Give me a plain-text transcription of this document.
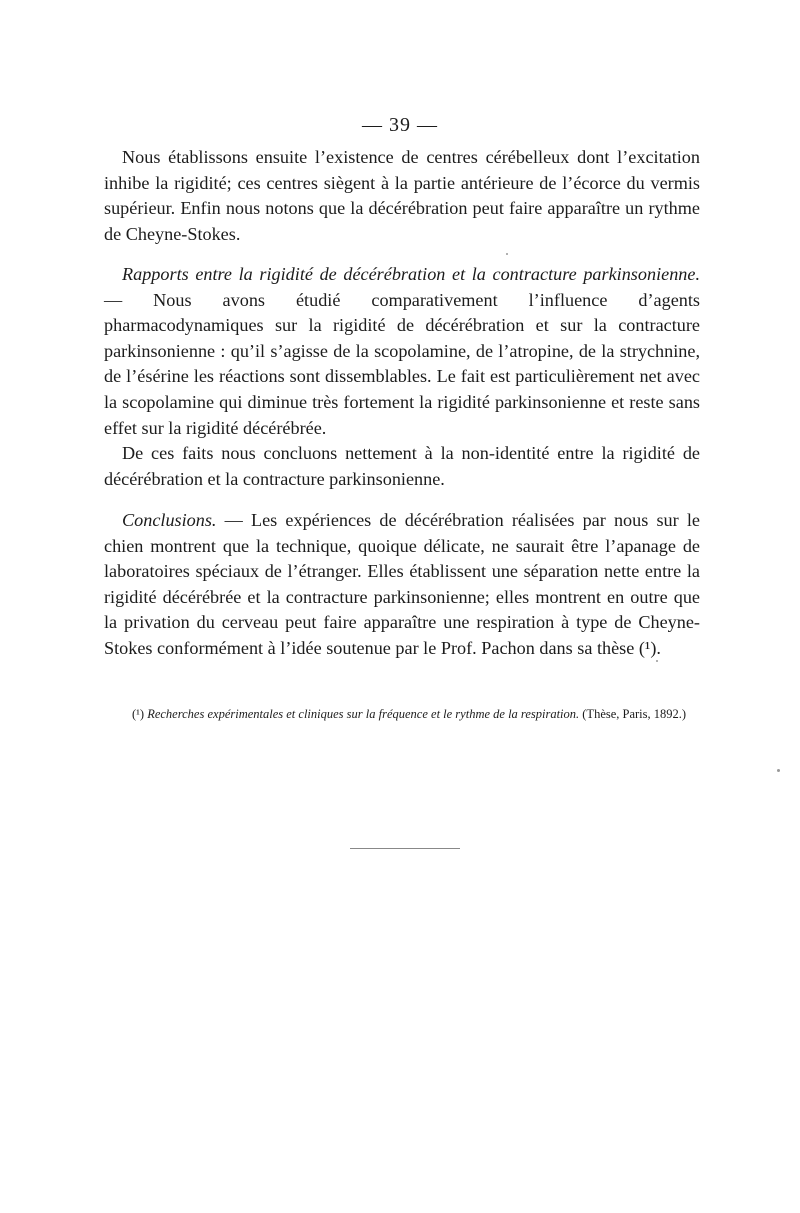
— 39 —

Nous établissons ensuite l’existence de centres cérébelleux dont l’excitation inhibe la rigidité; ces centres siègent à la partie antérieure de l’écorce du vermis supérieur. Enfin nous notons que la décérébration peut faire apparaître un rythme de Cheyne-Stokes.

Rapports entre la rigidité de décérébration et la contracture parkinsonienne. — Nous avons étudié comparativement l’influence d’agents pharmacodynamiques sur la rigidité de décérébration et sur la contracture parkinsonienne : qu’il s’agisse de la scopolamine, de l’atropine, de la strychnine, de l’ésérine les réactions sont dissemblables. Le fait est particulièrement net avec la scopolamine qui diminue très fortement la rigidité parkinsonienne et reste sans effet sur la rigidité décérébrée.

De ces faits nous concluons nettement à la non-identité entre la rigidité de décérébration et la contracture parkinsonienne.

Conclusions. — Les expériences de décérébration réalisées par nous sur le chien montrent que la technique, quoique délicate, ne saurait être l’apanage de laboratoires spéciaux de l’étranger. Elles établissent une séparation nette entre la rigidité décérébrée et la contracture parkinsonienne; elles montrent en outre que la privation du cerveau peut faire apparaître une respiration à type de Cheyne-Stokes conformément à l’idée soutenue par le Prof. Pachon dans sa thèse (¹).

(¹) Recherches expérimentales et cliniques sur la fréquence et le rythme de la respiration. (Thèse, Paris, 1892.)
